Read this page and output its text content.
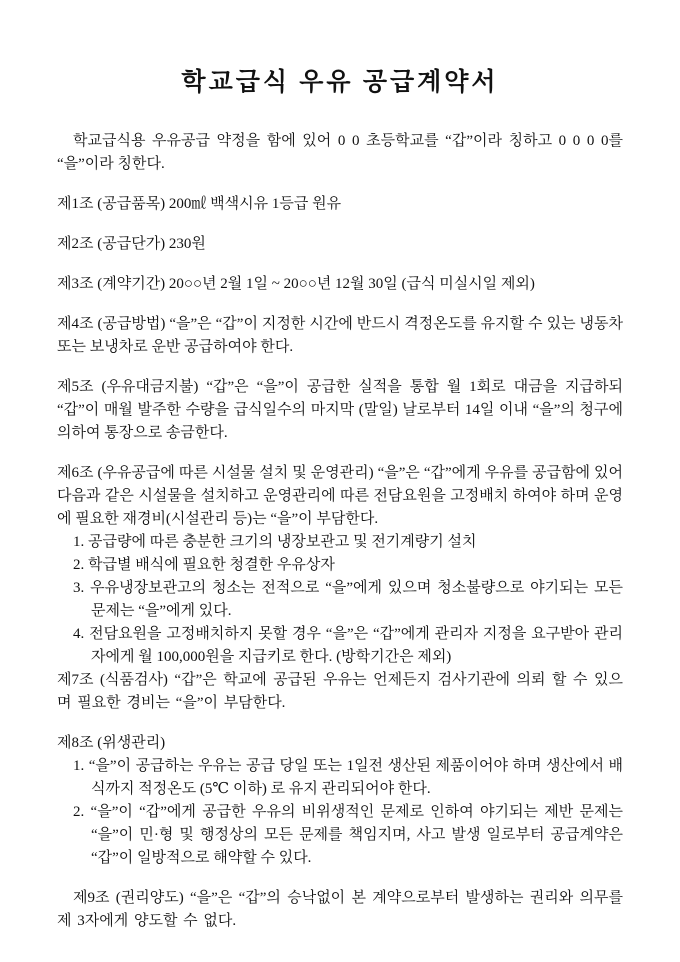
학교급식 우유 공급계약서

학교급식용 우유공급 약정을 함에 있어 0 0 초등학교를 “갑”이라 칭하고 0 0 0 0를 “을”이라 칭한다.

제1조 (공급품목) 200㎖ 백색시유 1등급 원유

제2조 (공급단가) 230원

제3조 (계약기간) 20○○년 2월 1일 ~ 20○○년 12월 30일 (급식 미실시일 제외)

제4조 (공급방법) “을”은 “갑”이 지정한 시간에 반드시 격정온도를 유지할 수 있는 냉동차 또는 보냉차로 운반 공급하여야 한다.

제5조 (우유대금지불) “갑”은 “을”이 공급한 실적을 통합 월 1회로 대금을 지급하되 “갑”이 매월 발주한 수량을 급식일수의 마지막 (말일) 날로부터 14일 이내 “을”의 청구에 의하여 통장으로 송금한다.

제6조 (우유공급에 따른 시설물 설치 및 운영관리) “을”은 “갑”에게 우유를 공급함에 있어 다음과 같은 시설물을 설치하고 운영관리에 따른 전담요원을 고정배치 하여야 하며 운영에 필요한 재경비(시설관리 등)는 “을”이 부담한다.

1. 공급량에 따른 충분한 크기의 냉장보관고 및 전기계량기 설치

2. 학급별 배식에 필요한 청결한 우유상자

3. 우유냉장보관고의 청소는 전적으로 “을”에게 있으며 청소불량으로 야기되는 모든 문제는 “을”에게 있다.

4. 전담요원을 고정배치하지 못할 경우 “을”은 “갑”에게 관리자 지정을 요구받아 관리자에게 월 100,000원을 지급키로 한다. (방학기간은 제외)

제7조 (식품검사) “갑”은 학교에 공급된 우유는 언제든지 검사기관에 의뢰 할 수 있으며 필요한 경비는 “을”이 부담한다.

제8조 (위생관리)

1. “을”이 공급하는 우유는 공급 당일 또는 1일전 생산된 제품이어야 하며 생산에서 배식까지 적정온도 (5℃ 이하) 로 유지 관리되어야 한다.

2. “을”이 “갑”에게 공급한 우유의 비위생적인 문제로 인하여 야기되는 제반 문제는 “을”이 민·형 및 행정상의 모든 문제를 책임지며, 사고 발생 일로부터 공급계약은 “갑”이 일방적으로 해약할 수 있다.

제9조 (권리양도) “을”은 “갑”의 승낙없이 본 계약으로부터 발생하는 권리와 의무를 제 3자에게 양도할 수 없다.
